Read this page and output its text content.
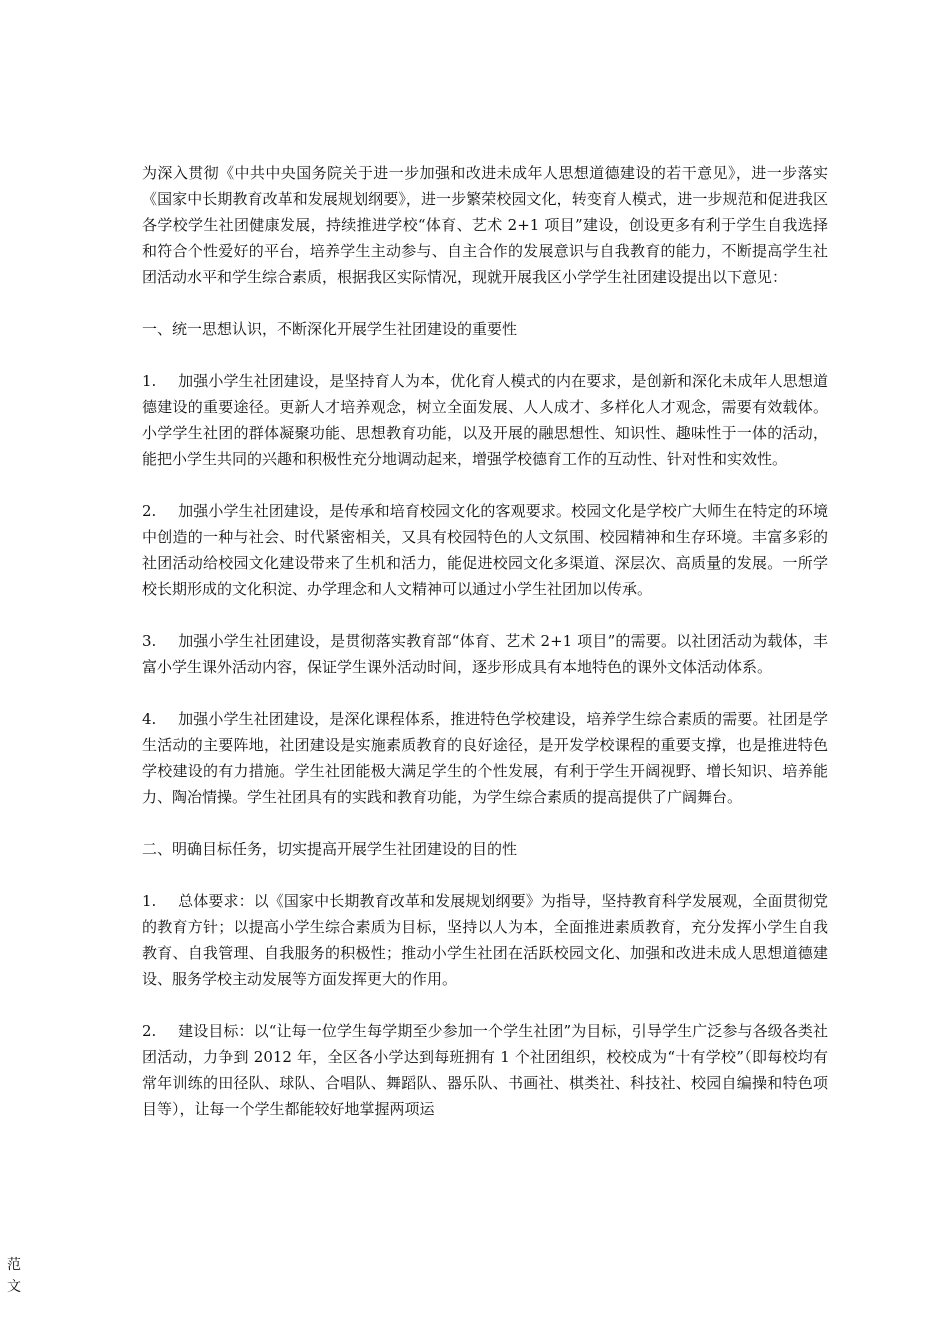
为深入贯彻《中共中央国务院关于进一步加强和改进未成年人思想道德建设的若干意见》，进一步落实《国家中长期教育改革和发展规划纲要》，进一步繁荣校园文化，转变育人模式，进一步规范和促进我区各学校学生社团健康发展，持续推进学校“体育、艺术 2+1 项目”建设，创设更多有利于学生自我选择和符合个性爱好的平台，培养学生主动参与、自主合作的发展意识与自我教育的能力，不断提高学生社团活动水平和学生综合素质，根据我区实际情况，现就开展我区小学学生社团建设提出以下意见：

一、统一思想认识，不断深化开展学生社团建设的重要性

1. 加强小学生社团建设，是坚持育人为本，优化育人模式的内在要求，是创新和深化未成年人思想道德建设的重要途径。更新人才培养观念，树立全面发展、人人成才、多样化人才观念，需要有效载体。小学学生社团的群体凝聚功能、思想教育功能，以及开展的融思想性、知识性、趣味性于一体的活动，能把小学生共同的兴趣和积极性充分地调动起来，增强学校德育工作的互动性、针对性和实效性。

2. 加强小学生社团建设，是传承和培育校园文化的客观要求。校园文化是学校广大师生在特定的环境中创造的一种与社会、时代紧密相关，又具有校园特色的人文氛围、校园精神和生存环境。丰富多彩的社团活动给校园文化建设带来了生机和活力，能促进校园文化多渠道、深层次、高质量的发展。一所学校长期形成的文化积淀、办学理念和人文精神可以通过小学生社团加以传承。

3. 加强小学生社团建设，是贯彻落实教育部“体育、艺术 2+1 项目”的需要。以社团活动为载体，丰富小学生课外活动内容，保证学生课外活动时间，逐步形成具有本地特色的课外文体活动体系。

4. 加强小学生社团建设，是深化课程体系，推进特色学校建设，培养学生综合素质的需要。社团是学生活动的主要阵地，社团建设是实施素质教育的良好途径，是开发学校课程的重要支撑，也是推进特色学校建设的有力措施。学生社团能极大满足学生的个性发展，有利于学生开阔视野、增长知识、培养能力、陶冶情操。学生社团具有的实践和教育功能，为学生综合素质的提高提供了广阔舞台。

二、明确目标任务，切实提高开展学生社团建设的目的性

1. 总体要求：以《国家中长期教育改革和发展规划纲要》为指导，坚持教育科学发展观，全面贯彻党的教育方针；以提高小学生综合素质为目标，坚持以人为本，全面推进素质教育，充分发挥小学生自我教育、自我管理、自我服务的积极性；推动小学生社团在活跃校园文化、加强和改进未成人思想道德建设、服务学校主动发展等方面发挥更大的作用。

2. 建设目标：以“让每一位学生每学期至少参加一个学生社团”为目标，引导学生广泛参与各级各类社团活动，力争到 2012 年，全区各小学达到每班拥有 1 个社团组织，校校成为“十有学校”（即每校均有常年训练的田径队、球队、合唱队、舞蹈队、器乐队、书画社、棋类社、科技社、校园自编操和特色项目等），让每一个学生都能较好地掌握两项运

范
文
